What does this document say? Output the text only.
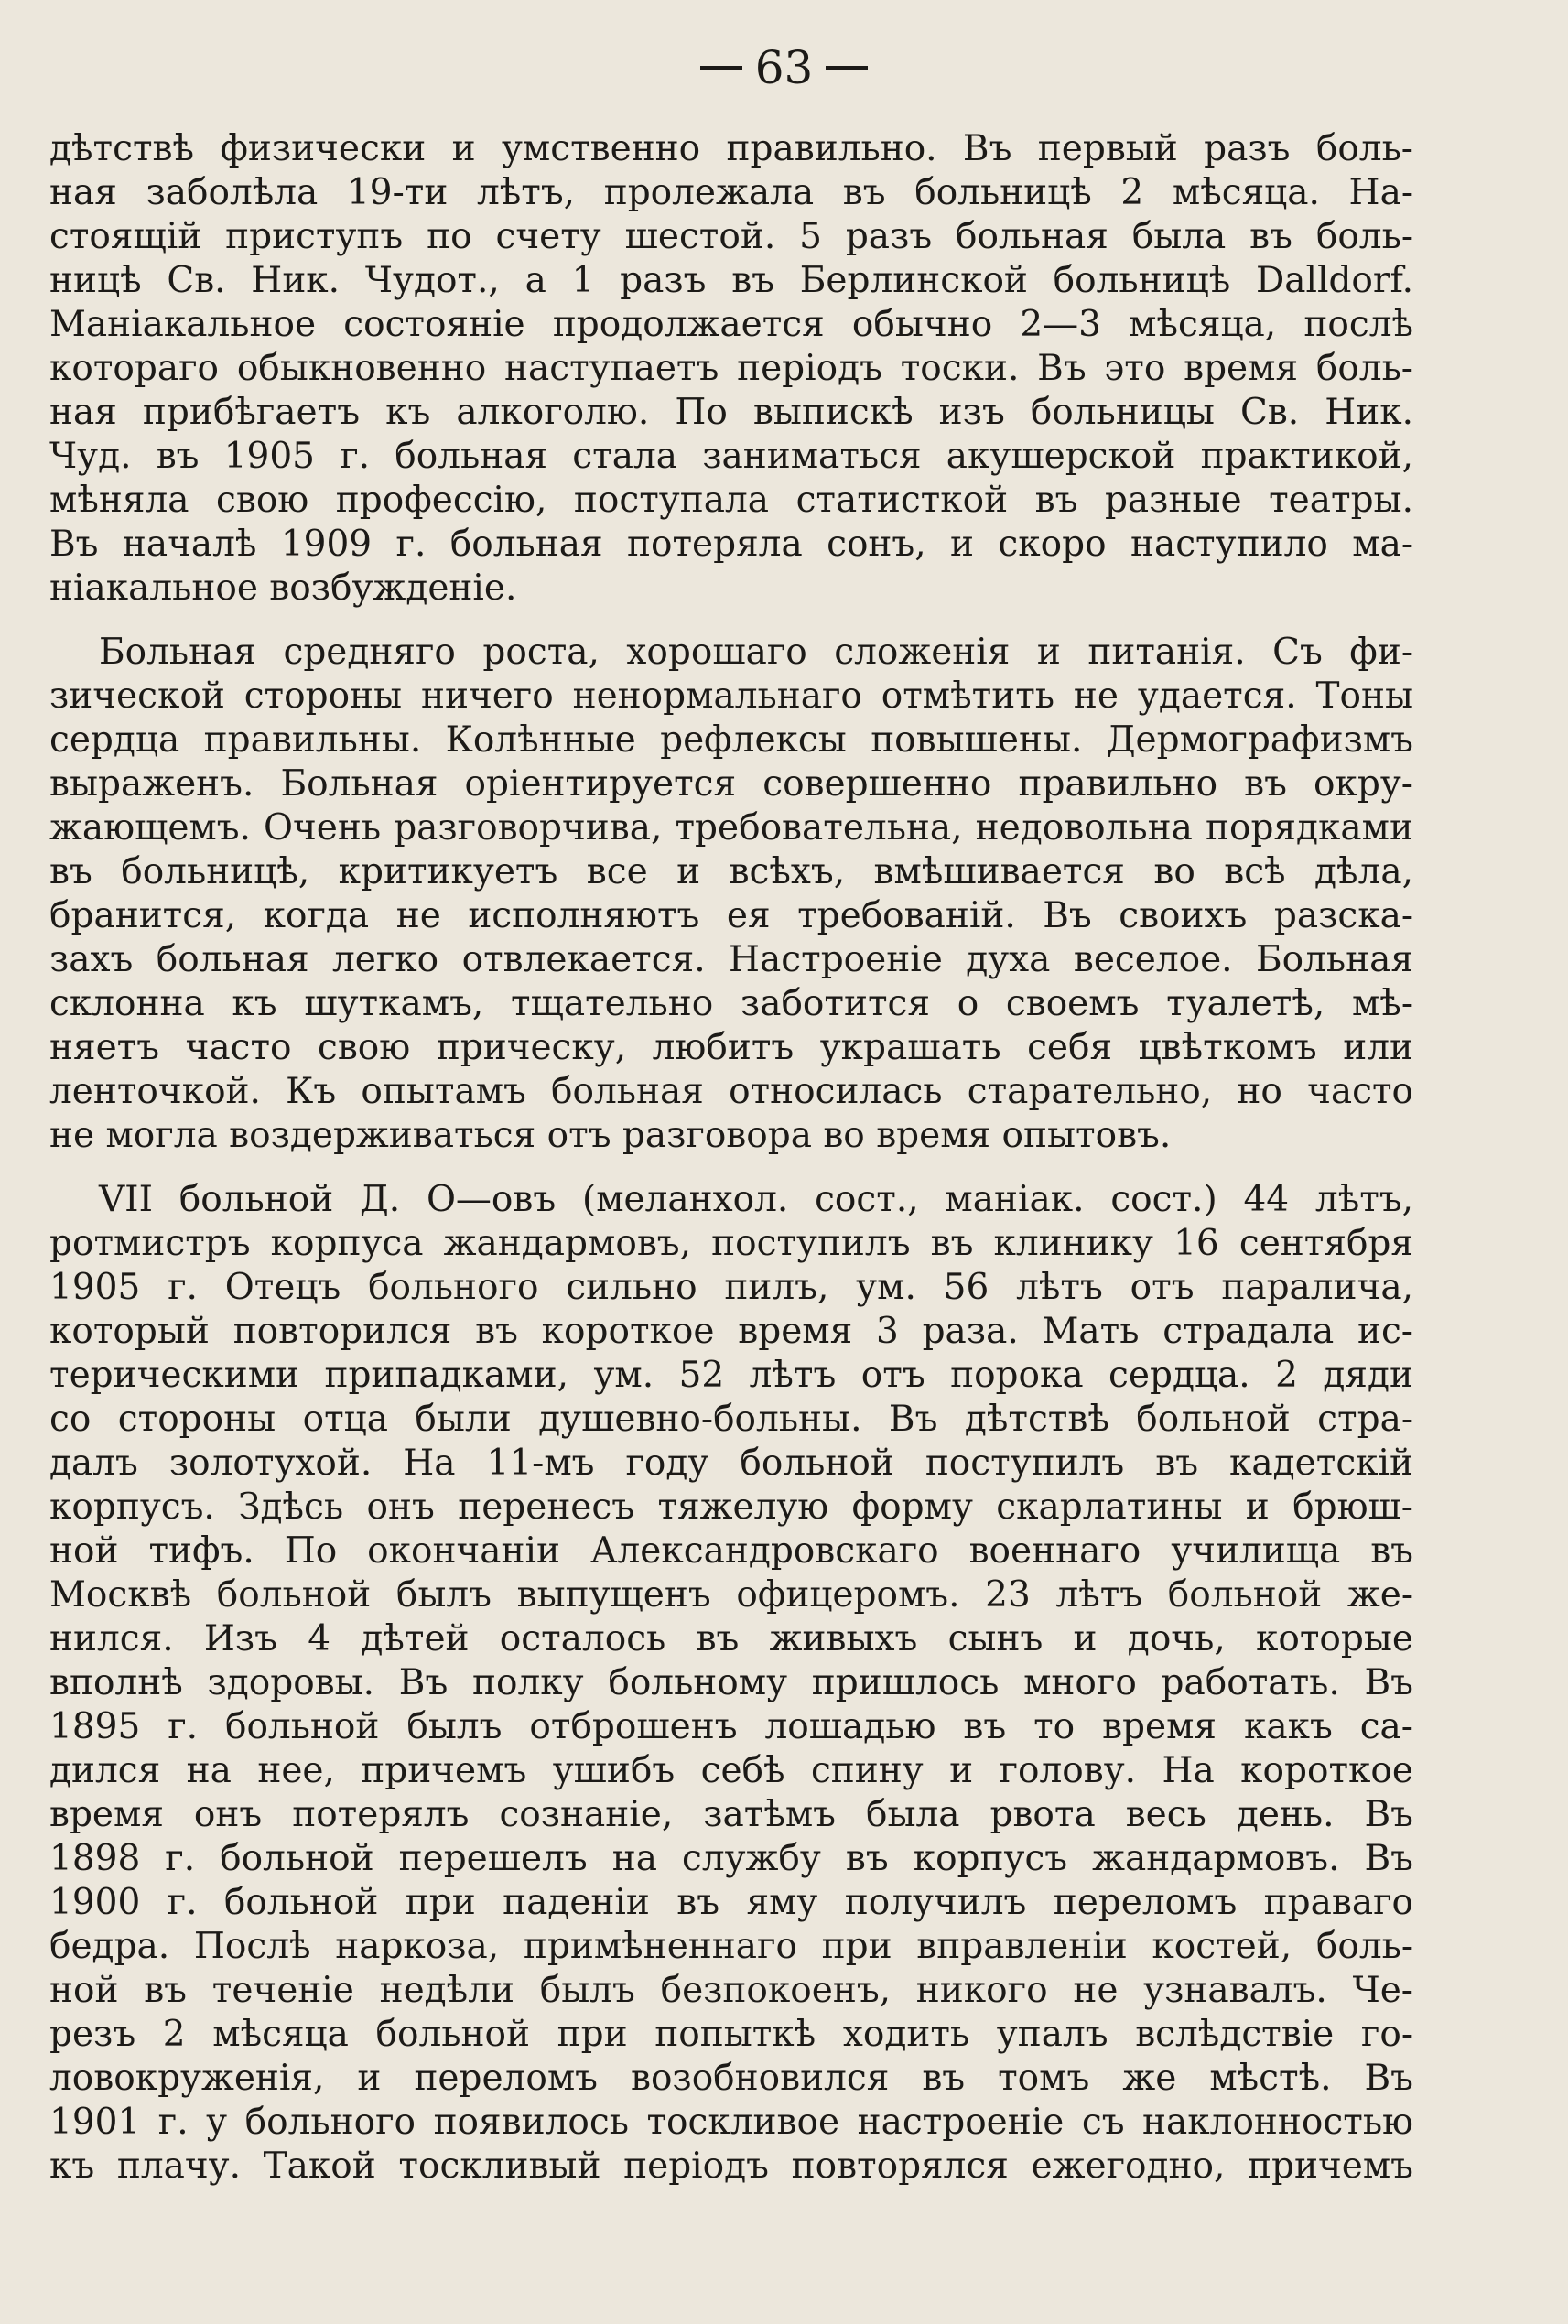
63
дѣтствѣ физически и умственно правильно. Въ первый разъ боль-
ная заболѣла 19-ти лѣтъ, пролежала въ больницѣ 2 мѣсяца. На-
стоящій приступъ по счету шестой. 5 разъ больная была въ боль-
ницѣ Св. Ник. Чудот., а 1 разъ въ Берлинской больницѣ Dalldorf.
Маніакальное состояніе продолжается обычно 2—3 мѣсяца, послѣ
котораго обыкновенно наступаетъ періодъ тоски. Въ это время боль-
ная прибѣгаетъ къ алкоголю. По выпискѣ изъ больницы Св. Ник.
Чуд. въ 1905 г. больная стала заниматься акушерской практикой,
мѣняла свою профессію, поступала статисткой въ разные театры.
Въ началѣ 1909 г. больная потеряла сонъ, и скоро наступило ма-
ніакальное возбужденіе.
Больная средняго роста, хорошаго сложенія и питанія. Съ фи-
зической стороны ничего ненормальнаго отмѣтить не удается. Тоны
сердца правильны. Колѣнные рефлексы повышены. Дермографизмъ
выраженъ. Больная оріентируется совершенно правильно въ окру-
жающемъ. Очень разговорчива, требовательна, недовольна порядками
въ больницѣ, критикуетъ все и всѣхъ, вмѣшивается во всѣ дѣла,
бранится, когда не исполняютъ ея требованій. Въ своихъ разска-
захъ больная легко отвлекается. Настроеніе духа веселое. Больная
склонна къ шуткамъ, тщательно заботится о своемъ туалетѣ, мѣ-
няетъ часто свою прическу, любитъ украшать себя цвѣткомъ или
ленточкой. Къ опытамъ больная относилась старательно, но часто
не могла воздерживаться отъ разговора во время опытовъ.
VII больной Д. О—овъ (меланхол. сост., маніак. сост.) 44 лѣтъ,
ротмистръ корпуса жандармовъ, поступилъ въ клинику 16 сентября
1905 г. Отецъ больного сильно пилъ, ум. 56 лѣтъ отъ паралича,
который повторился въ короткое время 3 раза. Мать страдала ис-
терическими припадками, ум. 52 лѣтъ отъ порока сердца. 2 дяди
со стороны отца были душевно-больны. Въ дѣтствѣ больной стра-
далъ золотухой. На 11-мъ году больной поступилъ въ кадетскій
корпусъ. Здѣсь онъ перенесъ тяжелую форму скарлатины и брюш-
ной тифъ. По окончаніи Александровскаго военнаго училища въ
Москвѣ больной былъ выпущенъ офицеромъ. 23 лѣтъ больной же-
нился. Изъ 4 дѣтей осталось въ живыхъ сынъ и дочь, которые
вполнѣ здоровы. Въ полку больному пришлось много работать. Въ
1895 г. больной былъ отброшенъ лошадью въ то время какъ са-
дился на нее, причемъ ушибъ себѣ спину и голову. На короткое
время онъ потерялъ сознаніе, затѣмъ была рвота весь день. Въ
1898 г. больной перешелъ на службу въ корпусъ жандармовъ. Въ
1900 г. больной при паденіи въ яму получилъ переломъ праваго
бедра. Послѣ наркоза, примѣненнаго при вправленіи костей, боль-
ной въ теченіе недѣли былъ безпокоенъ, никого не узнавалъ. Че-
резъ 2 мѣсяца больной при попыткѣ ходить упалъ вслѣдствіе го-
ловокруженія, и переломъ возобновился въ томъ же мѣстѣ. Въ
1901 г. у больного появилось тоскливое настроеніе съ наклонностью
къ плачу. Такой тоскливый періодъ повторялся ежегодно, причемъ
